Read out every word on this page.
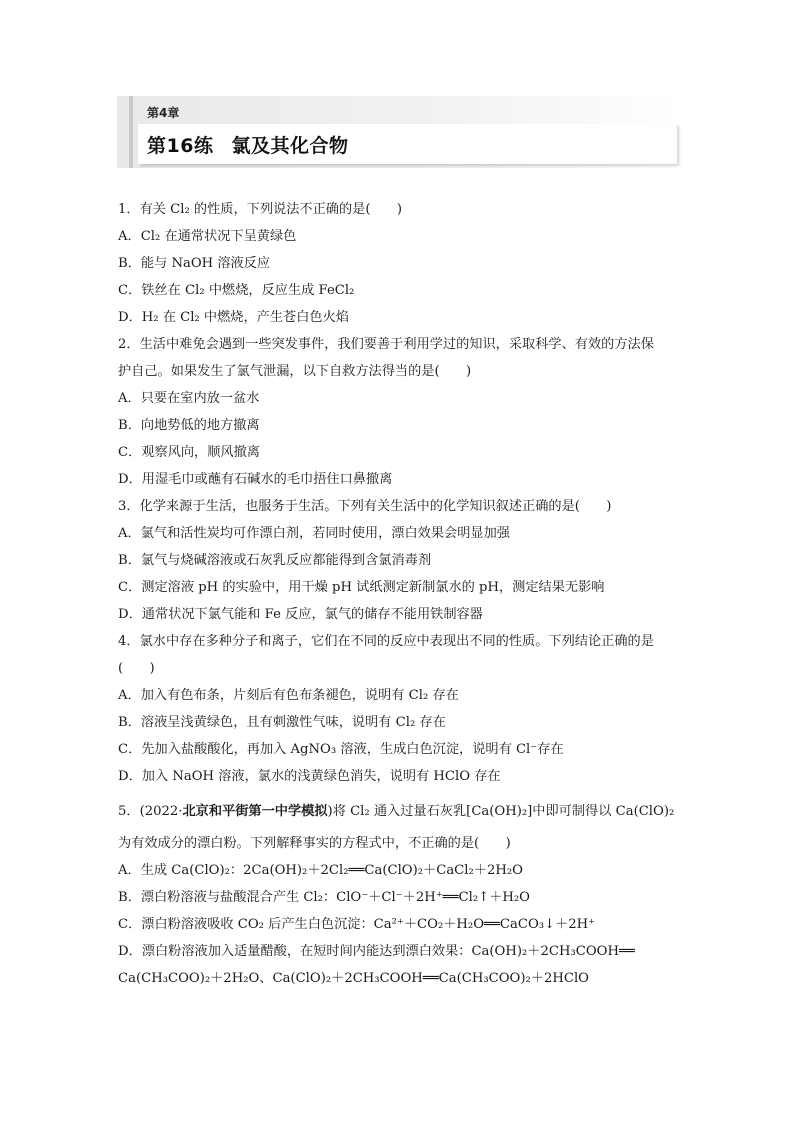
第4章
第16练 氯及其化合物
1．有关 Cl₂ 的性质，下列说法不正确的是(　　)
A．Cl₂ 在通常状况下呈黄绿色
B．能与 NaOH 溶液反应
C．铁丝在 Cl₂ 中燃烧，反应生成 FeCl₂
D．H₂ 在 Cl₂ 中燃烧，产生苍白色火焰
2．生活中难免会遇到一些突发事件，我们要善于利用学过的知识，采取科学、有效的方法保
护自己。如果发生了氯气泄漏，以下自救方法得当的是(　　)
A．只要在室内放一盆水
B．向地势低的地方撤离
C．观察风向，顺风撤离
D．用湿毛巾或蘸有石碱水的毛巾捂住口鼻撤离
3．化学来源于生活，也服务于生活。下列有关生活中的化学知识叙述正确的是(　　)
A．氯气和活性炭均可作漂白剂，若同时使用，漂白效果会明显加强
B．氯气与烧碱溶液或石灰乳反应都能得到含氯消毒剂
C．测定溶液 pH 的实验中，用干燥 pH 试纸测定新制氯水的 pH，测定结果无影响
D．通常状况下氯气能和 Fe 反应，氯气的储存不能用铁制容器
4．氯水中存在多种分子和离子，它们在不同的反应中表现出不同的性质。下列结论正确的是
(　　)
A．加入有色布条，片刻后有色布条褪色，说明有 Cl₂ 存在
B．溶液呈浅黄绿色，且有刺激性气味，说明有 Cl₂ 存在
C．先加入盐酸酸化，再加入 AgNO₃ 溶液，生成白色沉淀，说明有 Cl⁻存在
D．加入 NaOH 溶液，氯水的浅黄绿色消失，说明有 HClO 存在
5．(2022·北京和平街第一中学模拟)将 Cl₂ 通入过量石灰乳[Ca(OH)₂]中即可制得以 Ca(ClO)₂
为有效成分的漂白粉。下列解释事实的方程式中，不正确的是(　　)
A．生成 Ca(ClO)₂：2Ca(OH)₂＋2Cl₂══Ca(ClO)₂＋CaCl₂＋2H₂O
B．漂白粉溶液与盐酸混合产生 Cl₂：ClO⁻＋Cl⁻＋2H⁺══Cl₂↑＋H₂O
C．漂白粉溶液吸收 CO₂ 后产生白色沉淀：Ca²⁺＋CO₂＋H₂O══CaCO₃↓＋2H⁺
D．漂白粉溶液加入适量醋酸，在短时间内能达到漂白效果：Ca(OH)₂＋2CH₃COOH══
Ca(CH₃COO)₂＋2H₂O、Ca(ClO)₂＋2CH₃COOH══Ca(CH₃COO)₂＋2HClO
